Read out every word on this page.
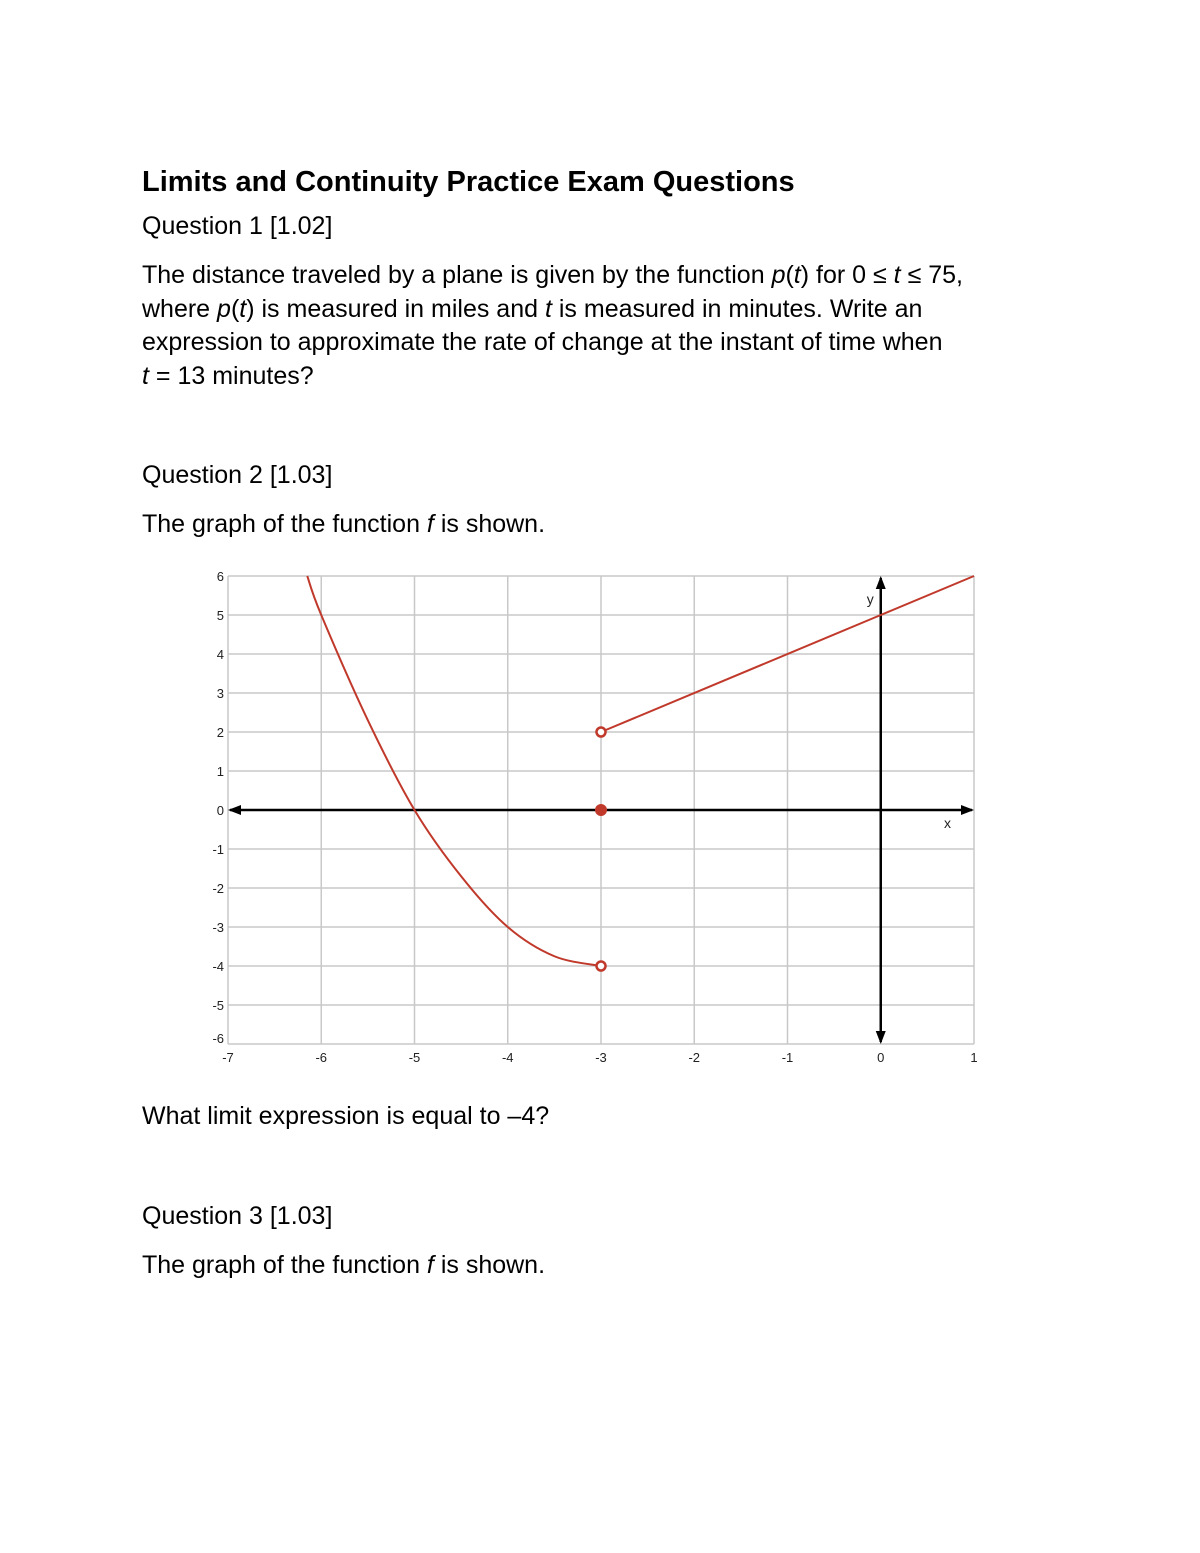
Limits and Continuity Practice Exam Questions

Question 1 [1.02]

The distance traveled by a plane is given by the function p(t) for 0 ≤ t ≤ 75,
where p(t) is measured in miles and t is measured in minutes. Write an
expression to approximate the rate of change at the instant of time when
t = 13 minutes?

Question 2 [1.03]

The graph of the function f is shown.

What limit expression is equal to –4?

Question 3 [1.03]

The graph of the function f is shown.

-7	-6	-5	-4	-3	-2	-1	0	1
-6
-5
-4
-3
-2
-1
0
1
2
3
4
5
6
x
y
